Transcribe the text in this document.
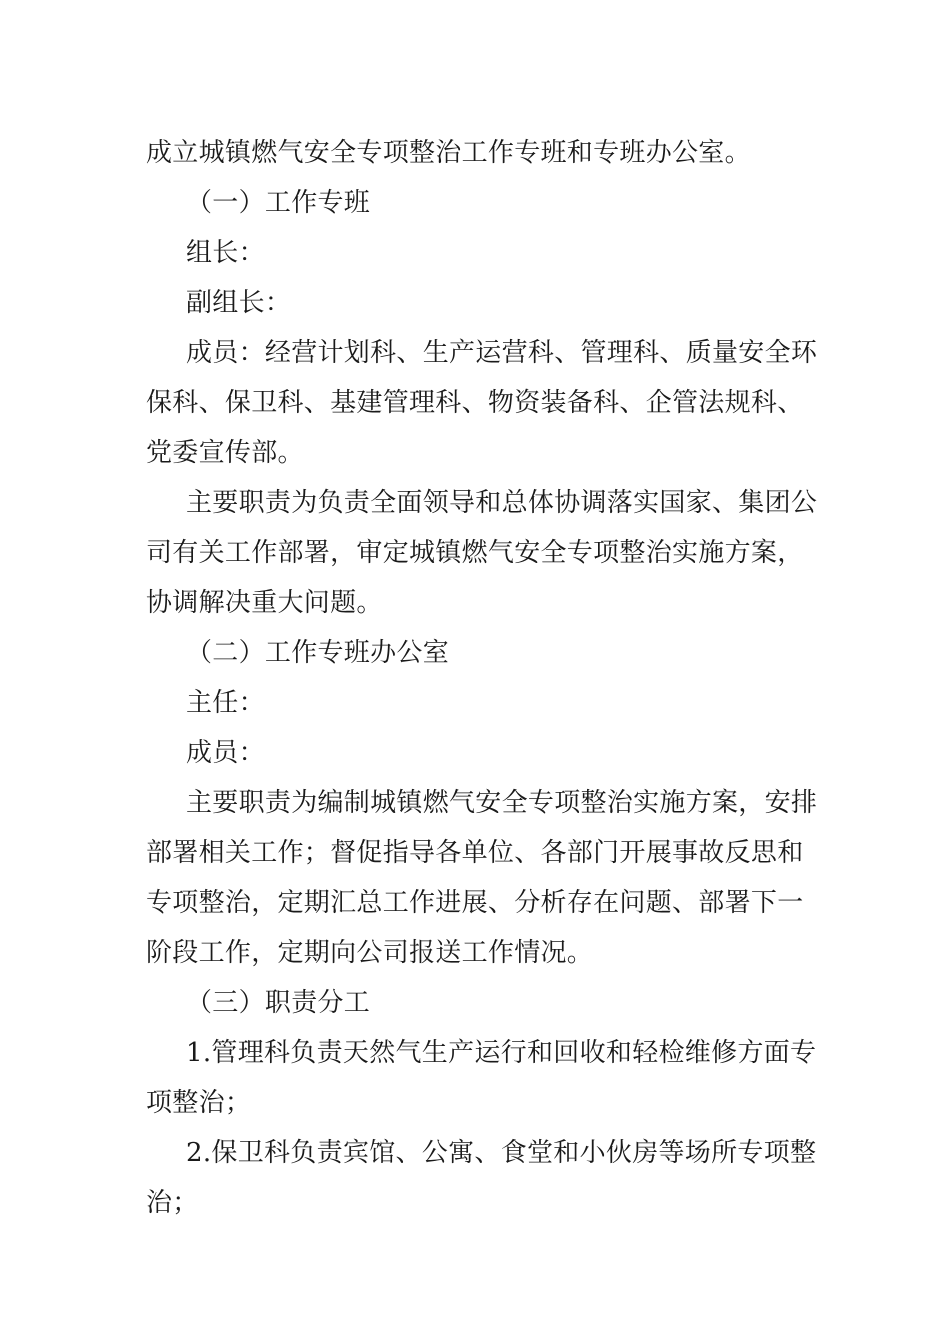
成立城镇燃气安全专项整治工作专班和专班办公室。
（一）工作专班
组长：
副组长：
成员：经营计划科、生产运营科、管理科、质量安全环
保科、保卫科、基建管理科、物资装备科、企管法规科、
党委宣传部。
主要职责为负责全面领导和总体协调落实国家、集团公
司有关工作部署，审定城镇燃气安全专项整治实施方案，
协调解决重大问题。
（二）工作专班办公室
主任：
成员：
主要职责为编制城镇燃气安全专项整治实施方案，安排
部署相关工作；督促指导各单位、各部门开展事故反思和
专项整治，定期汇总工作进展、分析存在问题、部署下一
阶段工作，定期向公司报送工作情况。
（三）职责分工
1.管理科负责天然气生产运行和回收和轻检维修方面专
项整治；
2.保卫科负责宾馆、公寓、食堂和小伙房等场所专项整
治；
